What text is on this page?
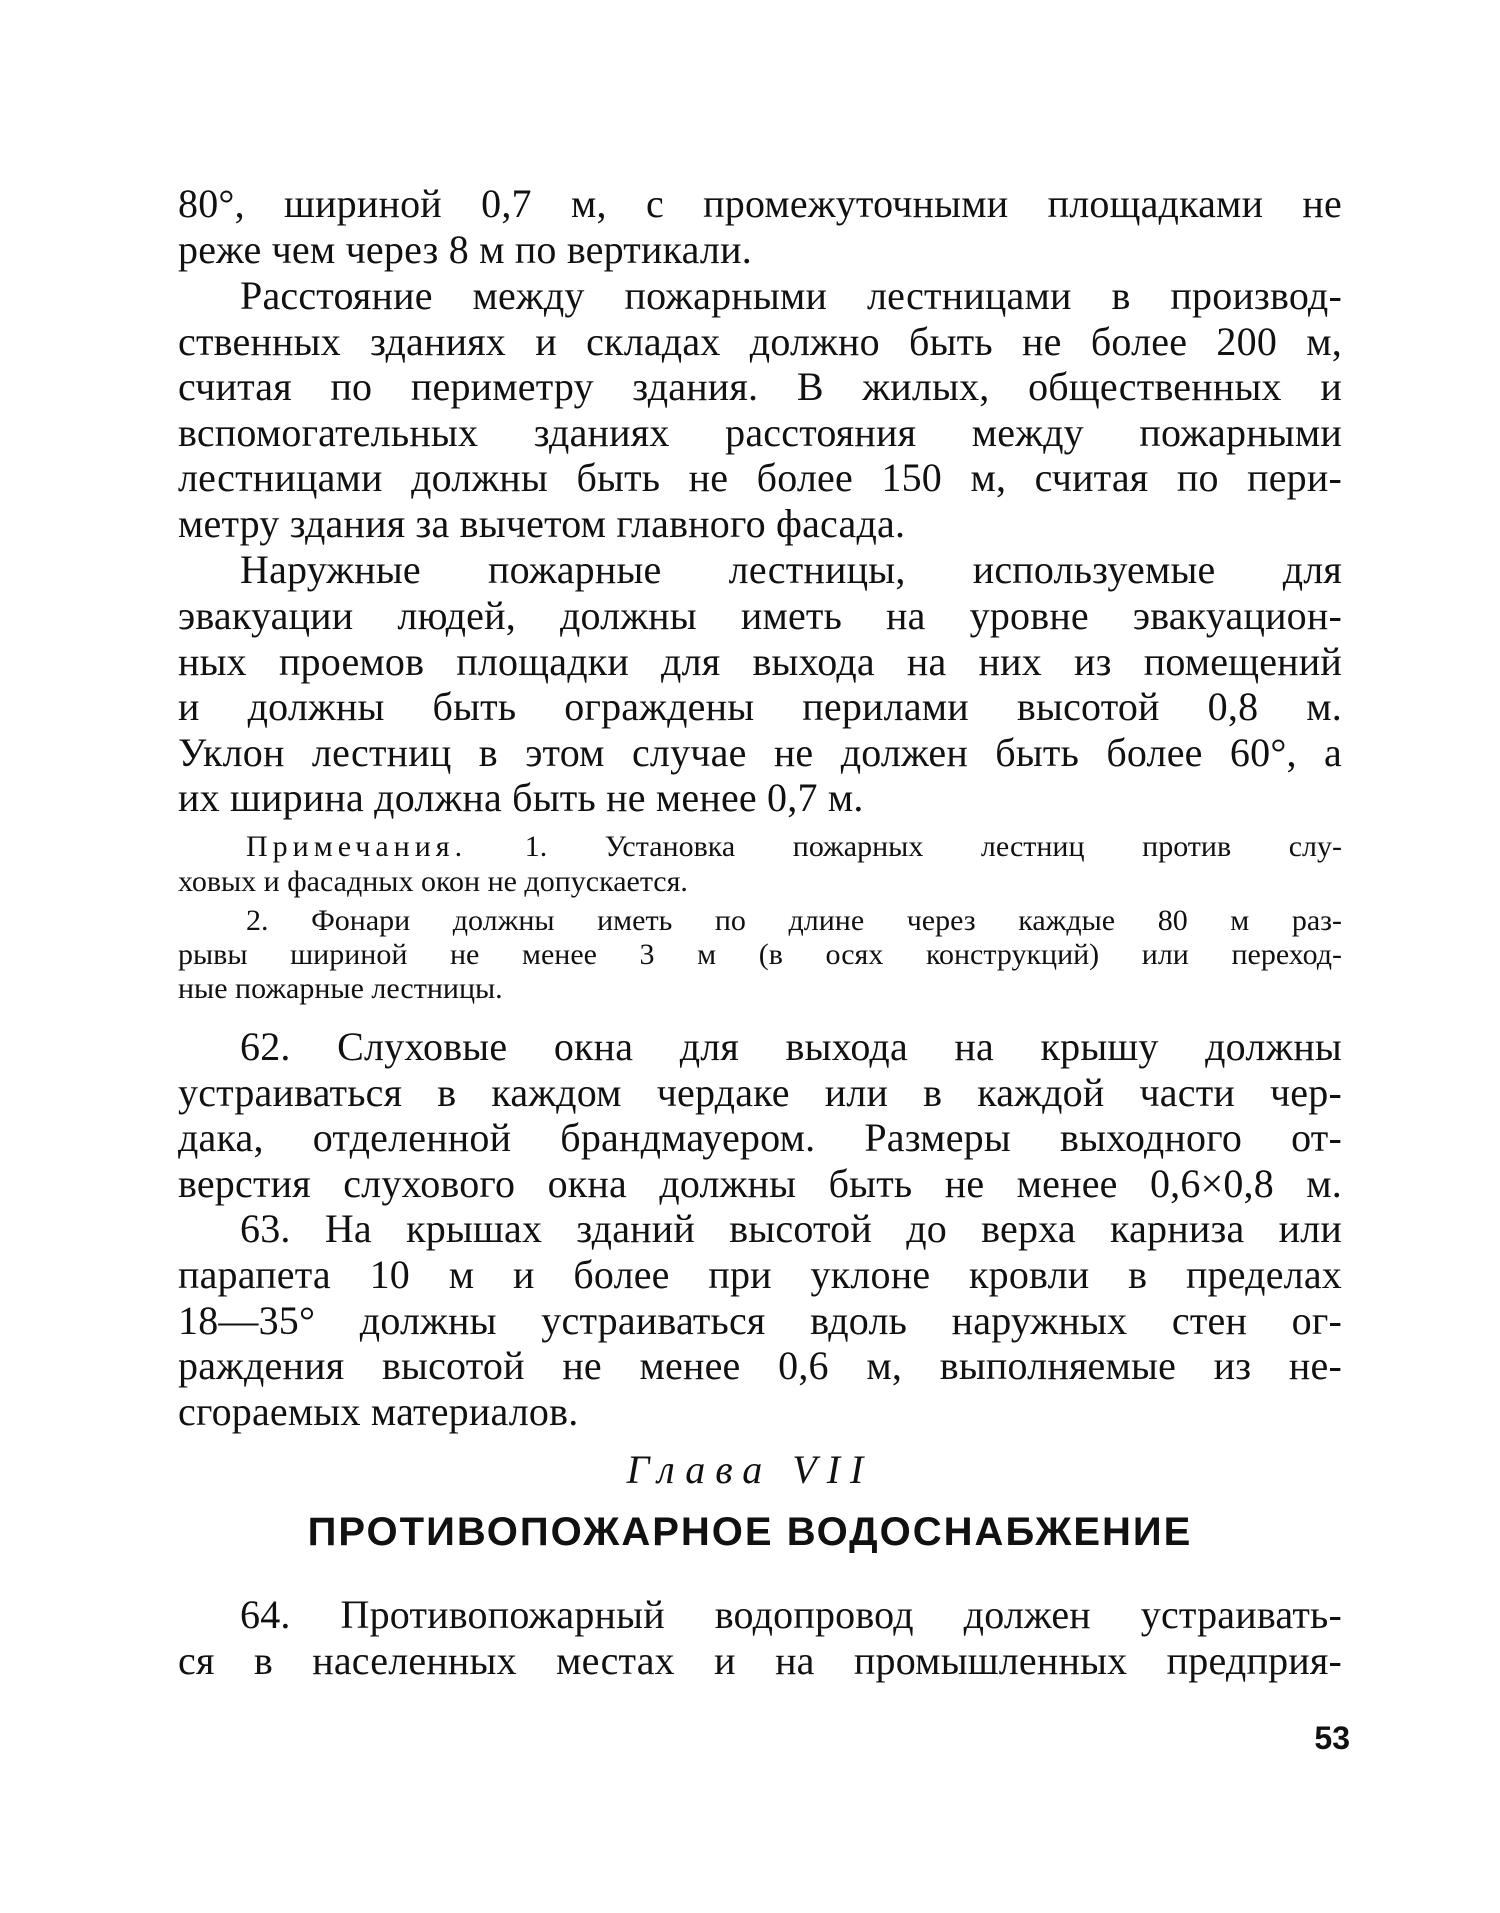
80°, шириной 0,7 м, с промежуточными площадками не
реже чем через 8 м по вертикали.
Расстояние между пожарными лестницами в производ-
ственных зданиях и складах должно быть не более 200 м,
считая по периметру здания. В жилых, общественных и
вспомогательных зданиях расстояния между пожарными
лестницами должны быть не более 150 м, считая по пери-
метру здания за вычетом главного фасада.
Наружные пожарные лестницы, используемые для
эвакуации людей, должны иметь на уровне эвакуацион-
ных проемов площадки для выхода на них из помещений
и должны быть ограждены перилами высотой 0,8 м.
Уклон лестниц в этом случае не должен быть более 60°, а
их ширина должна быть не менее 0,7 м.
Примечания. 1. Установка пожарных лестниц против слу-
ховых и фасадных окон не допускается.
2. Фонари должны иметь по длине через каждые 80 м раз-
рывы шириной не менее 3 м (в осях конструкций) или переход-
ные пожарные лестницы.
62. Слуховые окна для выхода на крышу должны
устраиваться в каждом чердаке или в каждой части чер-
дака, отделенной брандмауером. Размеры выходного от-
верстия слухового окна должны быть не менее 0,6×0,8 м.
63. На крышах зданий высотой до верха карниза или
парапета 10 м и более при уклоне кровли в пределах
18—35° должны устраиваться вдоль наружных стен ог-
раждения высотой не менее 0,6 м, выполняемые из не-
сгораемых материалов.
Глава VII
ПРОТИВОПОЖАРНОЕ ВОДОСНАБЖЕНИЕ
64. Противопожарный водопровод должен устраивать-
ся в населенных местах и на промышленных предприя-
53
